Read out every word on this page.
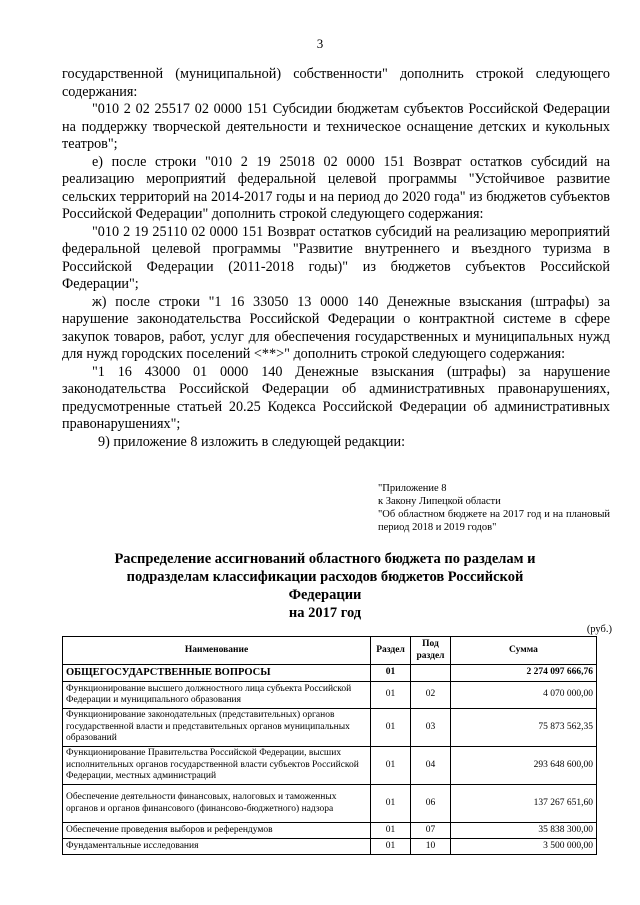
3

государственной (муниципальной) собственности" дополнить строкой следующего содержания:

"010 2 02 25517 02 0000 151 Субсидии бюджетам субъектов Российской Федерации на поддержку творческой деятельности и техническое оснащение детских и кукольных театров";

е) после строки "010 2 19 25018 02 0000 151 Возврат остатков субсидий на реализацию мероприятий федеральной целевой программы "Устойчивое развитие сельских территорий на 2014-2017 годы и на период до 2020 года" из бюджетов субъектов Российской Федерации" дополнить строкой следующего содержания:

"010 2 19 25110 02 0000 151 Возврат остатков субсидий на реализацию мероприятий федеральной целевой программы "Развитие внутреннего и въездного туризма в Российской Федерации (2011-2018 годы)" из бюджетов субъектов Российской Федерации";

ж) после строки "1 16 33050 13 0000 140 Денежные взыскания (штрафы) за нарушение законодательства Российской Федерации о контрактной системе в сфере закупок товаров, работ, услуг для обеспечения государственных и муниципальных нужд для нужд городских поселений <**>" дополнить строкой следующего содержания:

"1 16 43000 01 0000 140 Денежные взыскания (штрафы) за нарушение законодательства Российской Федерации об административных правонарушениях, предусмотренные статьей 20.25 Кодекса Российской Федерации об административных правонарушениях";

9) приложение 8 изложить в следующей редакции:

"Приложение 8
к Закону Липецкой области
"Об областном бюджете на 2017 год и на плановый период 2018 и 2019 годов"
Распределение ассигнований областного бюджета по разделам и
подразделам классификации расходов бюджетов Российской Федерации
на 2017 год
(руб.)
Наименование	Раздел	Под раздел	Сумма
ОБЩЕГОСУДАРСТВЕННЫЕ ВОПРОСЫ	01		2 274 097 666,76
Функционирование высшего должностного лица субъекта Российской Федерации и муниципального образования	01	02	4 070 000,00
Функционирование законодательных (представительных) органов государственной власти и представительных органов муниципальных образований	01	03	75 873 562,35
Функционирование Правительства Российской Федерации, высших исполнительных органов государственной власти субъектов Российской Федерации, местных администраций	01	04	293 648 600,00
Обеспечение деятельности финансовых, налоговых и таможенных органов и органов финансового (финансово-бюджетного) надзора	01	06	137 267 651,60
Обеспечение проведения выборов и референдумов	01	07	35 838 300,00
Фундаментальные исследования	01	10	3 500 000,00
